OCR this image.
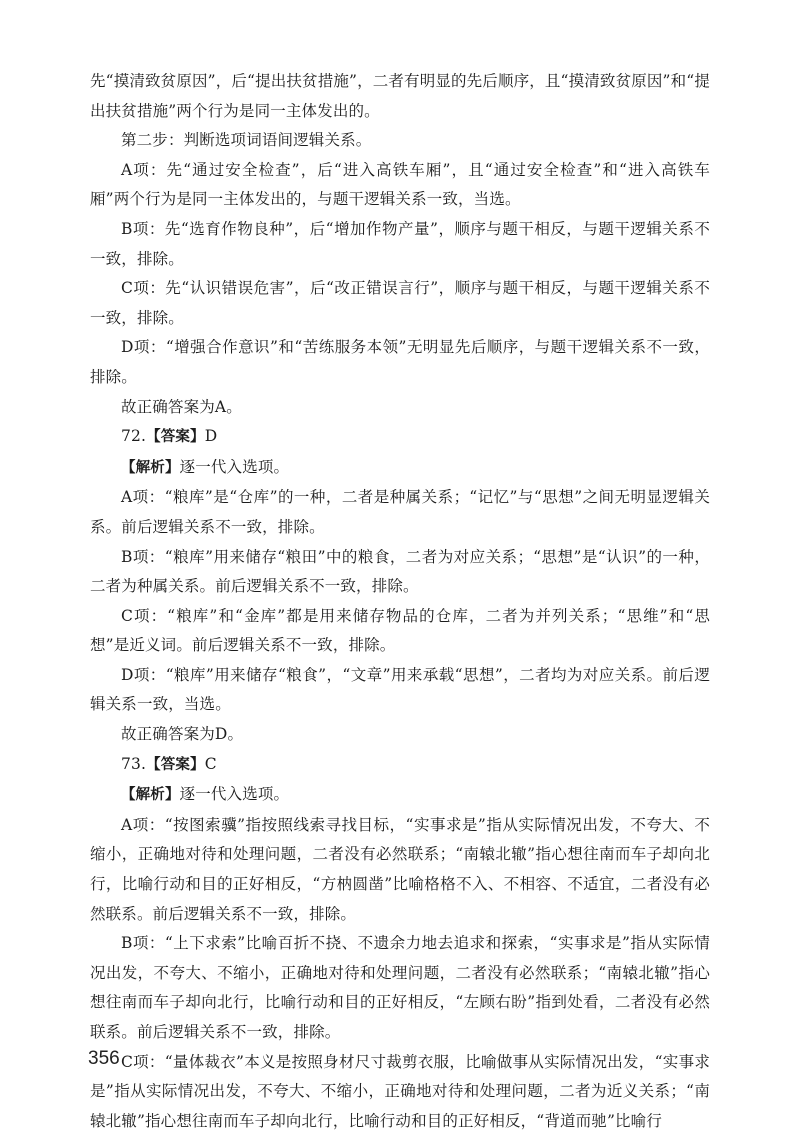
先“摸清致贫原因”，后“提出扶贫措施”，二者有明显的先后顺序，且“摸清致贫原因”和“提出扶贫措施”两个行为是同一主体发出的。

第二步：判断选项词语间逻辑关系。

A项：先“通过安全检查”，后“进入高铁车厢”，且“通过安全检查”和“进入高铁车厢”两个行为是同一主体发出的，与题干逻辑关系一致，当选。

B项：先“选育作物良种”，后“增加作物产量”，顺序与题干相反，与题干逻辑关系不一致，排除。

C项：先“认识错误危害”，后“改正错误言行”，顺序与题干相反，与题干逻辑关系不一致，排除。

D项：“增强合作意识”和“苦练服务本领”无明显先后顺序，与题干逻辑关系不一致，排除。

故正确答案为A。

72.【答案】D

【解析】逐一代入选项。

A项：“粮库”是“仓库”的一种，二者是种属关系；“记忆”与“思想”之间无明显逻辑关系。前后逻辑关系不一致，排除。

B项：“粮库”用来储存“粮田”中的粮食，二者为对应关系；“思想”是“认识”的一种，二者为种属关系。前后逻辑关系不一致，排除。

C项：“粮库”和“金库”都是用来储存物品的仓库，二者为并列关系；“思维”和“思想”是近义词。前后逻辑关系不一致，排除。

D项：“粮库”用来储存“粮食”，“文章”用来承载“思想”，二者均为对应关系。前后逻辑关系一致，当选。

故正确答案为D。

73.【答案】C

【解析】逐一代入选项。

A项：“按图索骥”指按照线索寻找目标，“实事求是”指从实际情况出发，不夸大、不缩小，正确地对待和处理问题，二者没有必然联系；“南辕北辙”指心想往南而车子却向北行，比喻行动和目的正好相反，“方枘圆凿”比喻格格不入、不相容、不适宜，二者没有必然联系。前后逻辑关系不一致，排除。

B项：“上下求索”比喻百折不挠、不遗余力地去追求和探索，“实事求是”指从实际情况出发，不夸大、不缩小，正确地对待和处理问题，二者没有必然联系；“南辕北辙”指心想往南而车子却向北行，比喻行动和目的正好相反，“左顾右盼”指到处看，二者没有必然联系。前后逻辑关系不一致，排除。

C项：“量体裁衣”本义是按照身材尺寸裁剪衣服，比喻做事从实际情况出发，“实事求是”指从实际情况出发，不夸大、不缩小，正确地对待和处理问题，二者为近义关系；“南辕北辙”指心想往南而车子却向北行，比喻行动和目的正好相反，“背道而驰”比喻行

356
